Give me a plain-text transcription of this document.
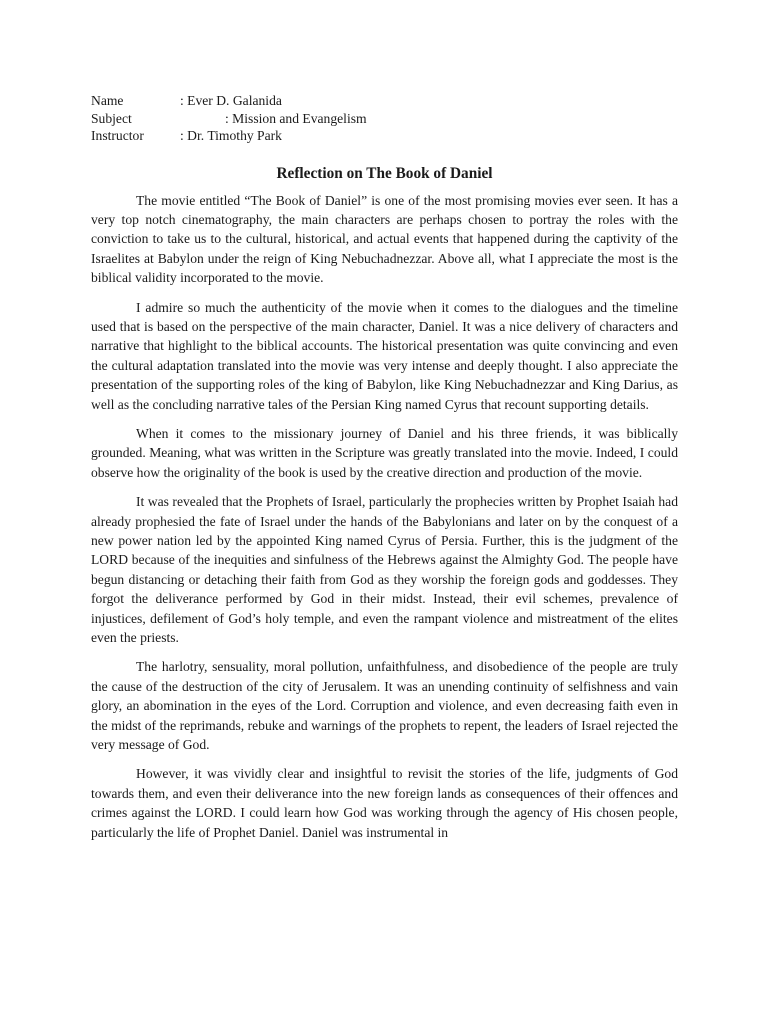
Name	: Ever D. Galanida
Subject	: Mission and Evangelism
Instructor	: Dr. Timothy Park
Reflection on The Book of Daniel

The movie entitled “The Book of Daniel” is one of the most promising movies ever seen. It has a very top notch cinematography, the main characters are perhaps chosen to portray the roles with the conviction to take us to the cultural, historical, and actual events that happened during the captivity of the Israelites at Babylon under the reign of King Nebuchadnezzar. Above all, what I appreciate the most is the biblical validity incorporated to the movie.

I admire so much the authenticity of the movie when it comes to the dialogues and the timeline used that is based on the perspective of the main character, Daniel. It was a nice delivery of characters and narrative that highlight to the biblical accounts. The historical presentation was quite convincing and even the cultural adaptation translated into the movie was very intense and deeply thought. I also appreciate the presentation of the supporting roles of the king of Babylon, like King Nebuchadnezzar and King Darius, as well as the concluding narrative tales of the Persian King named Cyrus that recount supporting details.

When it comes to the missionary journey of Daniel and his three friends, it was biblically grounded. Meaning, what was written in the Scripture was greatly translated into the movie. Indeed, I could observe how the originality of the book is used by the creative direction and production of the movie.

It was revealed that the Prophets of Israel, particularly the prophecies written by Prophet Isaiah had already prophesied the fate of Israel under the hands of the Babylonians and later on by the conquest of a new power nation led by the appointed King named Cyrus of Persia. Further, this is the judgment of the LORD because of the inequities and sinfulness of the Hebrews against the Almighty God. The people have begun distancing or detaching their faith from God as they worship the foreign gods and goddesses. They forgot the deliverance performed by God in their midst. Instead, their evil schemes, prevalence of injustices, defilement of God’s holy temple, and even the rampant violence and mistreatment of the elites even the priests.

The harlotry, sensuality, moral pollution, unfaithfulness, and disobedience of the people are truly the cause of the destruction of the city of Jerusalem. It was an unending continuity of selfishness and vain glory, an abomination in the eyes of the Lord. Corruption and violence, and even decreasing faith even in the midst of the reprimands, rebuke and warnings of the prophets to repent, the leaders of Israel rejected the very message of God.

However, it was vividly clear and insightful to revisit the stories of the life, judgments of God towards them, and even their deliverance into the new foreign lands as consequences of their offences and crimes against the LORD. I could learn how God was working through the agency of His chosen people, particularly the life of Prophet Daniel. Daniel was instrumental in
